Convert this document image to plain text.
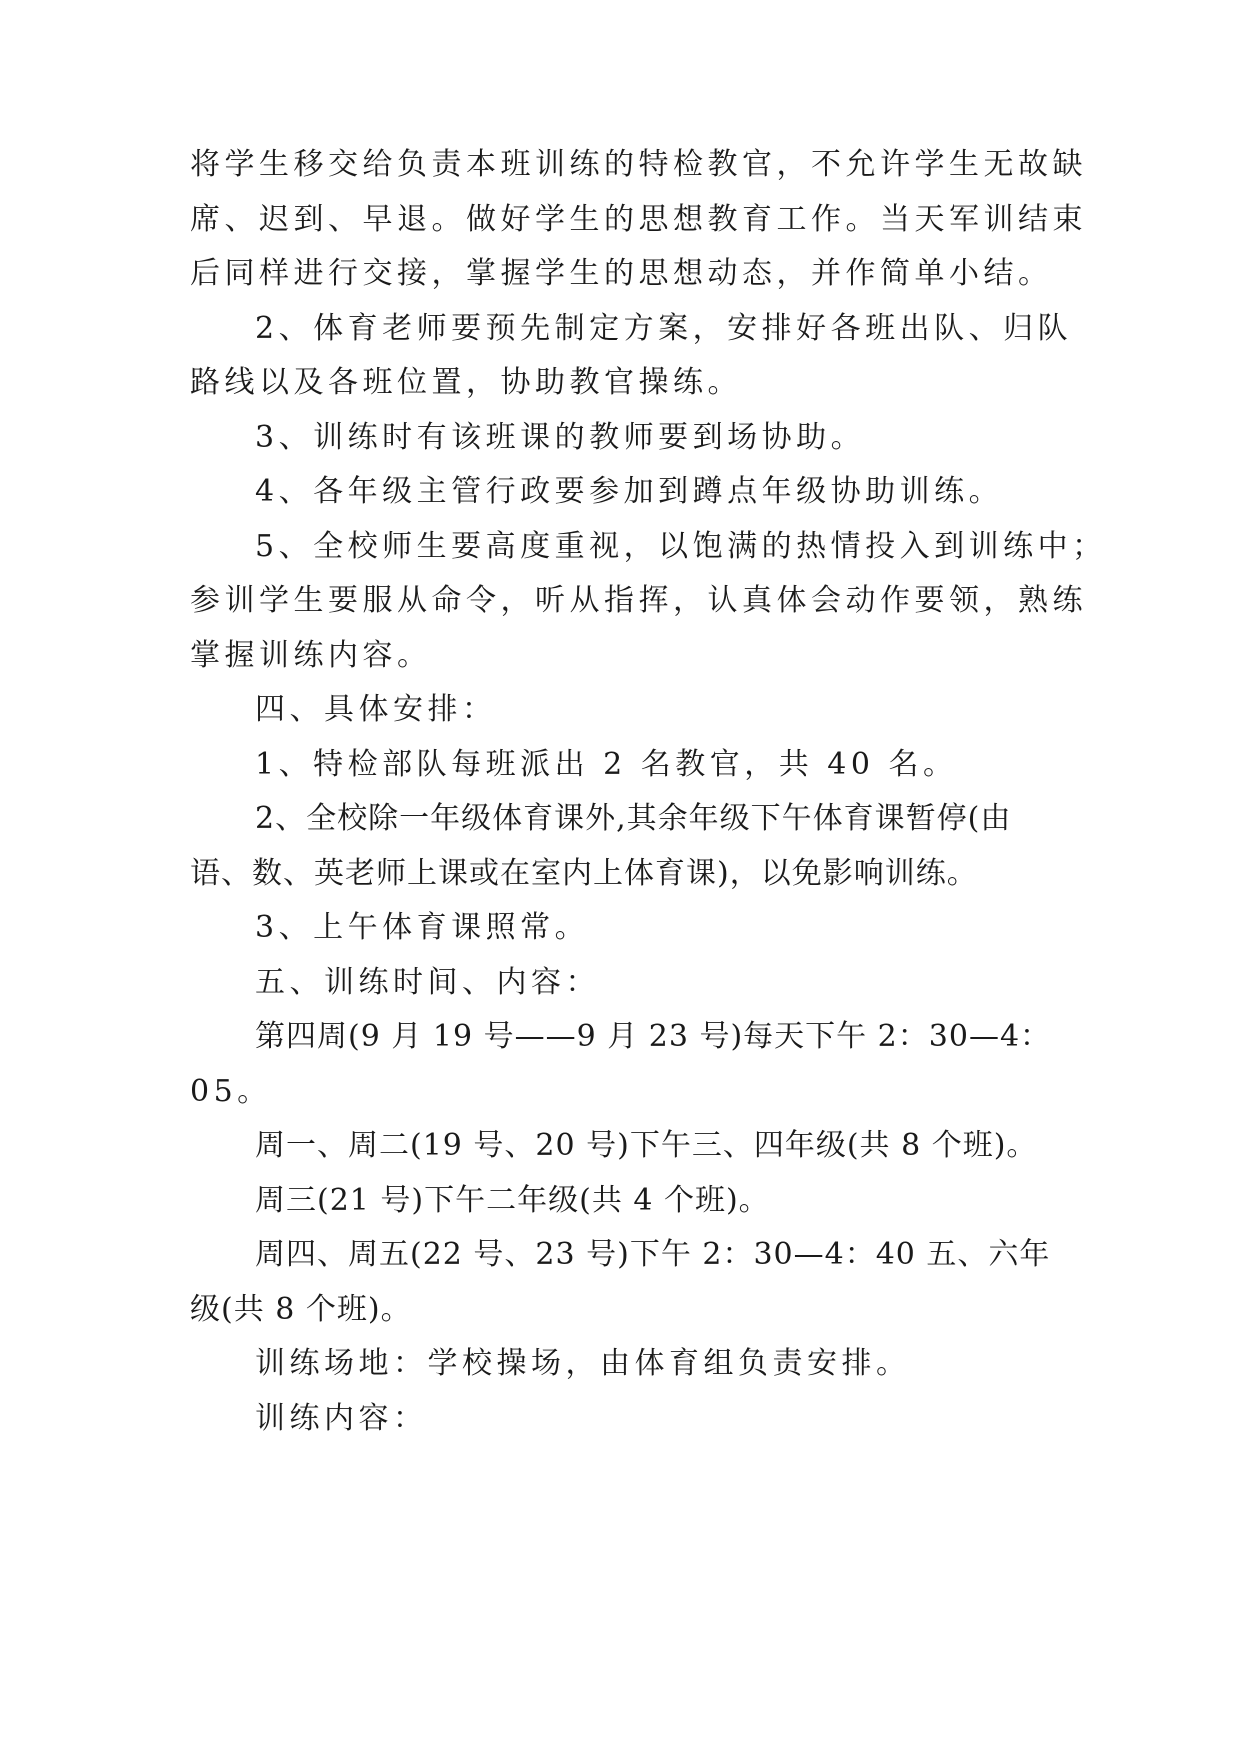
将学生移交给负责本班训练的特检教官，不允许学生无故缺
席、迟到、早退。做好学生的思想教育工作。当天军训结束
后同样进行交接，掌握学生的思想动态，并作简单小结。
2、体育老师要预先制定方案，安排好各班出队、归队
路线以及各班位置，协助教官操练。
3、训练时有该班课的教师要到场协助。
4、各年级主管行政要参加到蹲点年级协助训练。
5、全校师生要高度重视，以饱满的热情投入到训练中；
参训学生要服从命令，听从指挥，认真体会动作要领，熟练
掌握训练内容。
四、具体安排：
1、特检部队每班派出 2 名教官，共 40 名。
2、全校除一年级体育课外,其余年级下午体育课暂停(由
语、数、英老师上课或在室内上体育课)，以免影响训练。
3、上午体育课照常。
五、训练时间、内容：
第四周(9 月 19 号——9 月 23 号)每天下午 2：30—4：
05。
周一、周二(19 号、20 号)下午三、四年级(共 8 个班)。
周三(21 号)下午二年级(共 4 个班)。
周四、周五(22 号、23 号)下午 2：30—4：40 五、六年
级(共 8 个班)。
训练场地：学校操场，由体育组负责安排。
训练内容：
